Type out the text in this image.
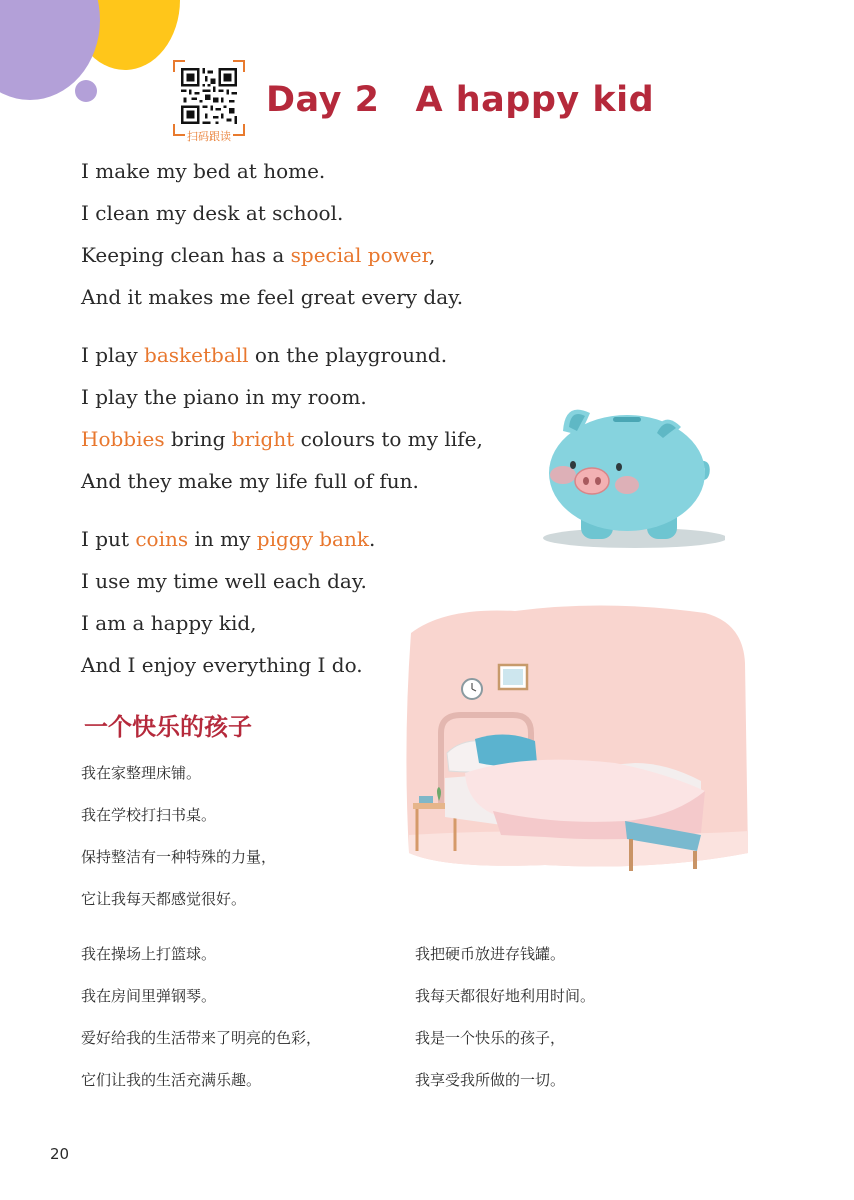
扫码跟读
Day 2 A happy kid
I make my bed at home.
I clean my desk at school.
Keeping clean has a special power,
And it makes me feel great every day.
I play basketball on the playground.
I play the piano in my room.
Hobbies bring bright colours to my life,
And they make my life full of fun.
I put coins in my piggy bank.
I use my time well each day.
I am a happy kid,
And I enjoy everything I do.
一个快乐的孩子
我在家整理床铺。
我在学校打扫书桌。
保持整洁有一种特殊的力量，
它让我每天都感觉很好。
我在操场上打篮球。
我在房间里弹钢琴。
爱好给我的生活带来了明亮的色彩，
它们让我的生活充满乐趣。
我把硬币放进存钱罐。
我每天都很好地利用时间。
我是一个快乐的孩子，
我享受我所做的一切。
20
